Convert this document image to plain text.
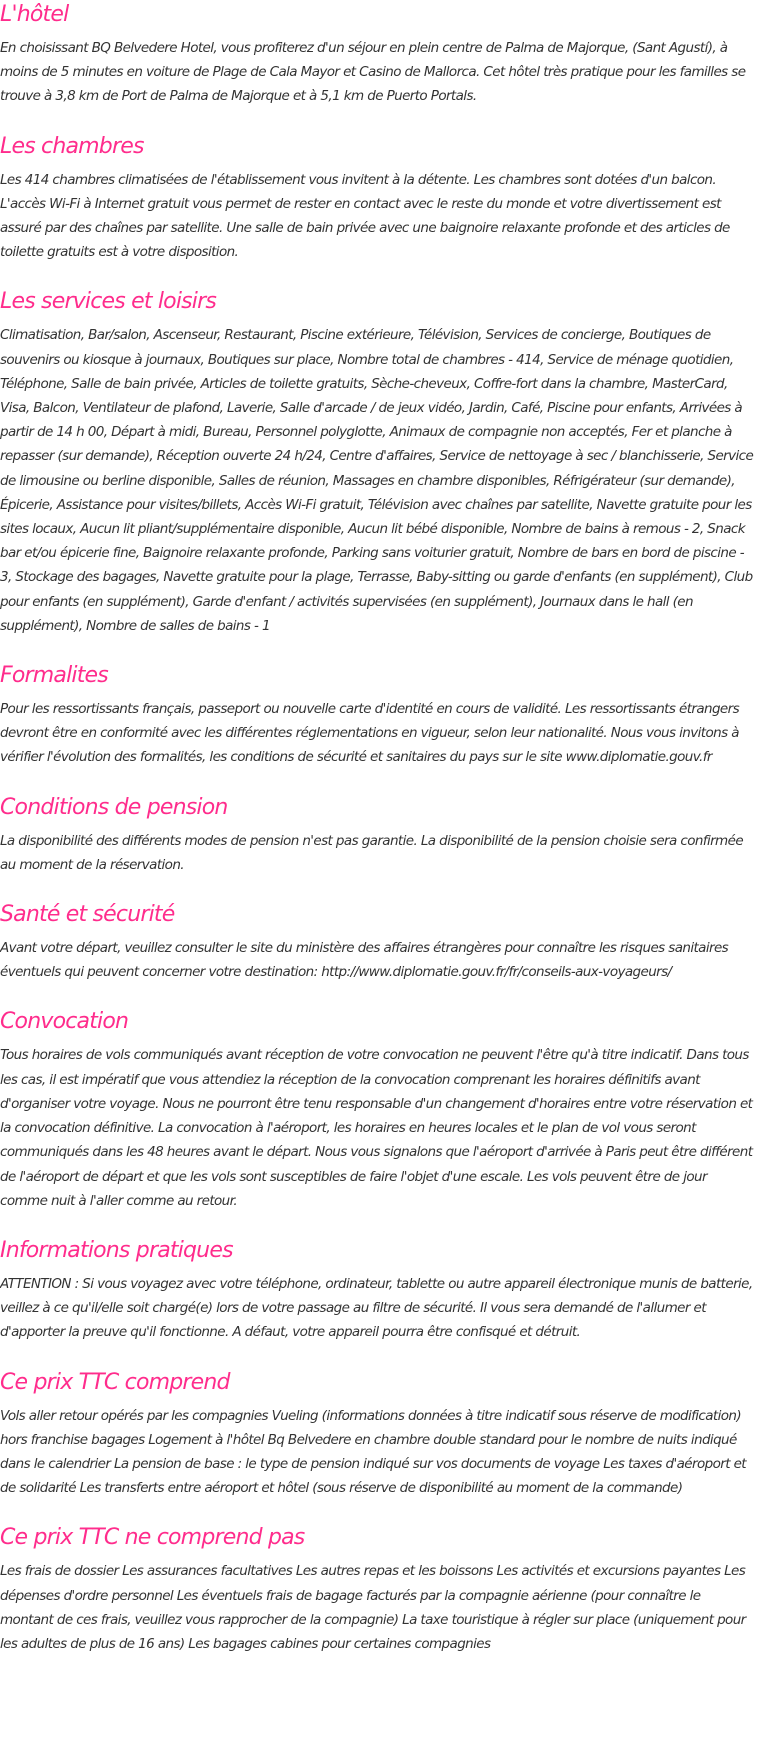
L'hôtel

En choisissant BQ Belvedere Hotel, vous profiterez d'un séjour en plein centre de Palma de Majorque, (Sant Agustí), à moins de 5 minutes en voiture de Plage de Cala Mayor et Casino de Mallorca. Cet hôtel très pratique pour les familles se trouve à 3,8 km de Port de Palma de Majorque et à 5,1 km de Puerto Portals.

Les chambres

Les 414 chambres climatisées de l'établissement vous invitent à la détente. Les chambres sont dotées d'un balcon. L'accès Wi-Fi à Internet gratuit vous permet de rester en contact avec le reste du monde et votre divertissement est assuré par des chaînes par satellite. Une salle de bain privée avec une baignoire relaxante profonde et des articles de toilette gratuits est à votre disposition.

Les services et loisirs

Climatisation, Bar/salon, Ascenseur, Restaurant, Piscine extérieure, Télévision, Services de concierge, Boutiques de souvenirs ou kiosque à journaux, Boutiques sur place, Nombre total de chambres - 414, Service de ménage quotidien, Téléphone, Salle de bain privée, Articles de toilette gratuits, Sèche-cheveux, Coffre-fort dans la chambre, MasterCard, Visa, Balcon, Ventilateur de plafond, Laverie, Salle d'arcade / de jeux vidéo, Jardin, Café, Piscine pour enfants, Arrivées à partir de 14 h 00, Départ à midi, Bureau, Personnel polyglotte, Animaux de compagnie non acceptés, Fer et planche à repasser (sur demande), Réception ouverte 24 h/24, Centre d'affaires, Service de nettoyage à sec / blanchisserie, Service de limousine ou berline disponible, Salles de réunion, Massages en chambre disponibles, Réfrigérateur (sur demande), Épicerie, Assistance pour visites/billets, Accès Wi-Fi gratuit, Télévision avec chaînes par satellite, Navette gratuite pour les sites locaux, Aucun lit pliant/supplémentaire disponible, Aucun lit bébé disponible, Nombre de bains à remous - 2, Snack bar et/ou épicerie fine, Baignoire relaxante profonde, Parking sans voiturier gratuit, Nombre de bars en bord de piscine - 3, Stockage des bagages, Navette gratuite pour la plage, Terrasse, Baby-sitting ou garde d'enfants (en supplément), Club pour enfants (en supplément), Garde d'enfant / activités supervisées (en supplément), Journaux dans le hall (en supplément), Nombre de salles de bains - 1

Formalites

Pour les ressortissants français, passeport ou nouvelle carte d'identité en cours de validité. Les ressortissants étrangers devront être en conformité avec les différentes réglementations en vigueur, selon leur nationalité. Nous vous invitons à vérifier l'évolution des formalités, les conditions de sécurité et sanitaires du pays sur le site www.diplomatie.gouv.fr

Conditions de pension

La disponibilité des différents modes de pension n'est pas garantie. La disponibilité de la pension choisie sera confirmée au moment de la réservation.

Santé et sécurité

Avant votre départ, veuillez consulter le site du ministère des affaires étrangères pour connaître les risques sanitaires éventuels qui peuvent concerner votre destination: http://www.diplomatie.gouv.fr/fr/conseils-aux-voyageurs/

Convocation

Tous horaires de vols communiqués avant réception de votre convocation ne peuvent l'être qu'à titre indicatif. Dans tous les cas, il est impératif que vous attendiez la réception de la convocation comprenant les horaires définitifs avant d'organiser votre voyage. Nous ne pourront être tenu responsable d'un changement d'horaires entre votre réservation et la convocation définitive. La convocation à l'aéroport, les horaires en heures locales et le plan de vol vous seront communiqués dans les 48 heures avant le départ. Nous vous signalons que l'aéroport d'arrivée à Paris peut être différent de l'aéroport de départ et que les vols sont susceptibles de faire l'objet d'une escale. Les vols peuvent être de jour comme nuit à l'aller comme au retour.

Informations pratiques

ATTENTION : Si vous voyagez avec votre téléphone, ordinateur, tablette ou autre appareil électronique munis de batterie, veillez à ce qu'il/elle soit chargé(e) lors de votre passage au filtre de sécurité. Il vous sera demandé de l'allumer et d'apporter la preuve qu'il fonctionne. A défaut, votre appareil pourra être confisqué et détruit.

Ce prix TTC comprend

Vols aller retour opérés par les compagnies Vueling (informations données à titre indicatif sous réserve de modification) hors franchise bagages Logement à l'hôtel Bq Belvedere en chambre double standard pour le nombre de nuits indiqué dans le calendrier La pension de base : le type de pension indiqué sur vos documents de voyage Les taxes d'aéroport et de solidarité Les transferts entre aéroport et hôtel (sous réserve de disponibilité au moment de la commande)

Ce prix TTC ne comprend pas

Les frais de dossier Les assurances facultatives Les autres repas et les boissons Les activités et excursions payantes Les dépenses d'ordre personnel Les éventuels frais de bagage facturés par la compagnie aérienne (pour connaître le montant de ces frais, veuillez vous rapprocher de la compagnie) La taxe touristique à régler sur place (uniquement pour les adultes de plus de 16 ans) Les bagages cabines pour certaines compagnies
